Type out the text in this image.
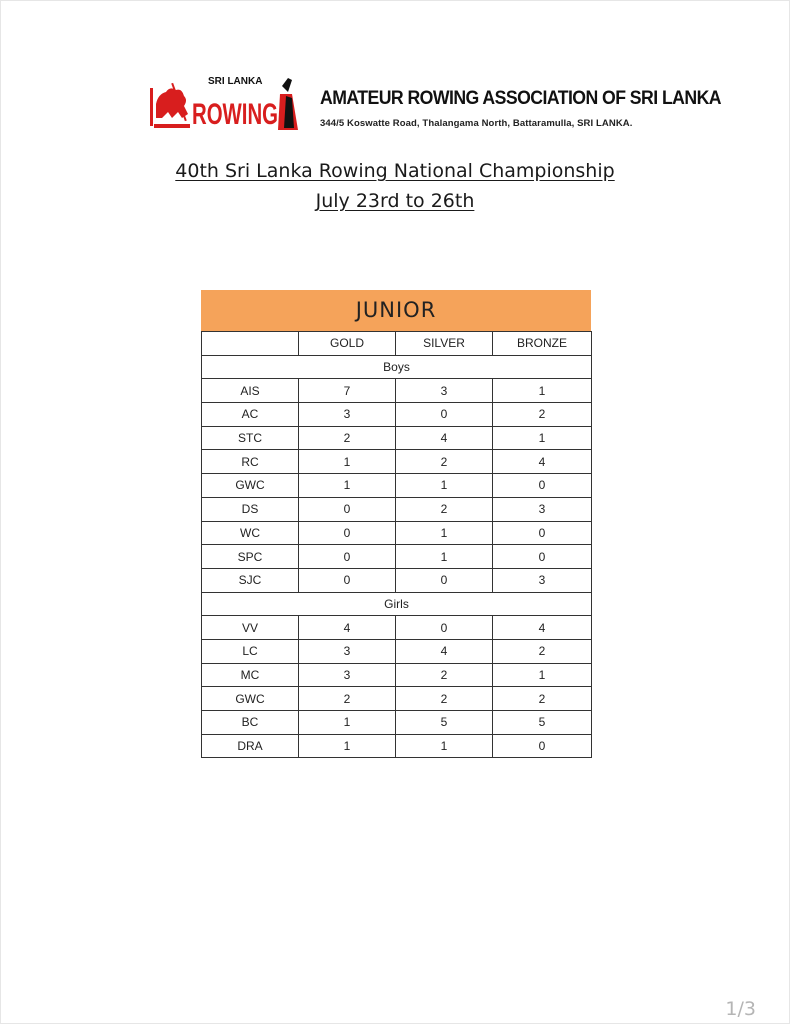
SRI LANKA
ROWING AMATEUR ROWING ASSOCIATION OF SRI LANKA
344/5 Koswatte Road, Thalangama North, Battaramulla, SRI LANKA.
40th Sri Lanka Rowing National Championship
July 23rd to 26th
JUNIOR
	GOLD	SILVER	BRONZE
Boys			
AIS	7	3	1
AC	3	0	2
STC	2	4	1
RC	1	2	4
GWC	1	1	0
DS	0	2	3
WC	0	1	0
SPC	0	1	0
SJC	0	0	3
Girls			
VV	4	0	4
LC	3	4	2
MC	3	2	1
GWC	2	2	2
BC	1	5	5
DRA	1	1	0
1/3
